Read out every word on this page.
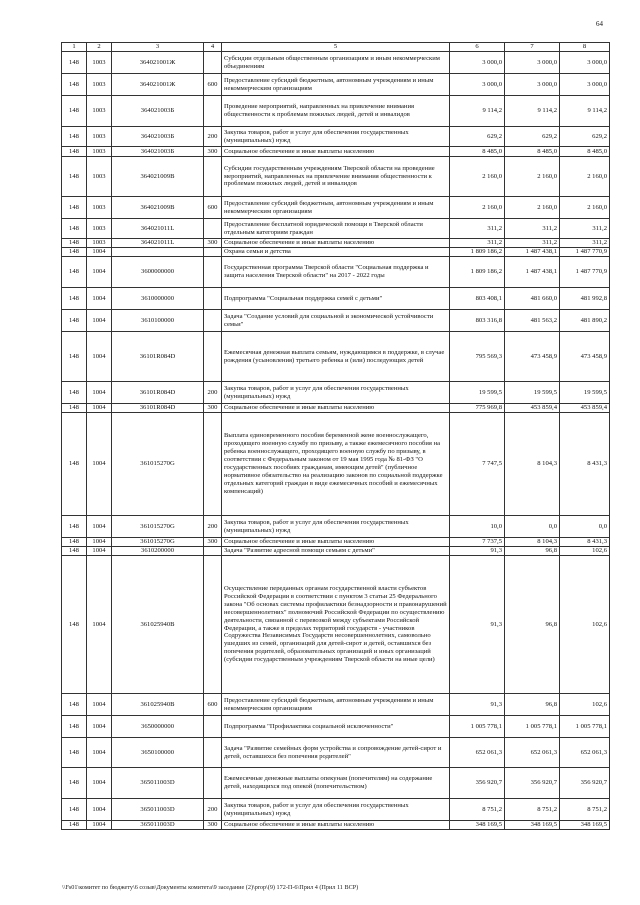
64
1	2	3	4	5	6	7	8
148	1003	364021001Ж		Субсидии отдельным общественным организациям и иным некоммерческим объединениям	3 000,0	3 000,0	3 000,0
148	1003	364021001Ж	600	Предоставление субсидий бюджетным, автономным учреждениям и иным некоммерческим организациям	3 000,0	3 000,0	3 000,0
148	1003	364021003Б		Проведение мероприятий, направленных на привлечение внимания общественности к проблемам пожилых людей, детей и инвалидов	9 114,2	9 114,2	9 114,2
148	1003	364021003Б	200	Закупка товаров, работ и услуг для обеспечения государственных (муниципальных) нужд	629,2	629,2	629,2
148	1003	364021003Б	300	Социальное обеспечение и иные выплаты населению	8 485,0	8 485,0	8 485,0
148	1003	364021009В		Субсидии государственным учреждениям Тверской области на проведение мероприятий, направленных на привлечение внимания общественности к проблемам пожилых людей, детей и инвалидов	2 160,0	2 160,0	2 160,0
148	1003	364021009В	600	Предоставление субсидий бюджетным, автономным учреждениям и иным некоммерческим организациям	2 160,0	2 160,0	2 160,0
148	1003	364021011L		Предоставление бесплатной юридической помощи в Тверской области отдельным категориям граждан	311,2	311,2	311,2
148	1003	364021011L	300	Социальное обеспечение и иные выплаты населению	311,2	311,2	311,2
148	1004			Охрана семьи и детства	1 809 186,2	1 487 438,1	1 487 770,9
148	1004	3600000000		Государственная программа Тверской области "Социальная поддержка и защита населения Тверской области" на 2017 - 2022 годы	1 809 186,2	1 487 438,1	1 487 770,9
148	1004	3610000000		Подпрограмма "Социальная поддержка семей с детьми"	803 408,1	481 660,0	481 992,8
148	1004	3610100000		Задача "Создание условий для социальной и экономической устойчивости семьи"	803 316,8	481 563,2	481 890,2
148	1004	36101R084D		Ежемесячная денежная выплата семьям, нуждающимся в поддержке, в случае рождения (усыновления) третьего ребенка и (или) последующих детей	795 569,3	473 458,9	473 458,9
148	1004	36101R084D	200	Закупка товаров, работ и услуг для обеспечения государственных (муниципальных) нужд	19 599,5	19 599,5	19 599,5
148	1004	36101R084D	300	Социальное обеспечение и иные выплаты населению	775 969,8	453 859,4	453 859,4
148	1004	361015270G		Выплата единовременного пособия беременной жене военнослужащего, проходящего военную службу по призыву, а также ежемесячного пособия на ребенка военнослужащего, проходящего военную службу по призыву, в соответствии с Федеральным законом от 19 мая 1995 года № 81-ФЗ "О государственных пособиях гражданам, имеющим детей" (публичное нормативное обязательство на реализацию законов по социальной поддержке отдельных категорий граждан в виде ежемесячных пособий и ежемесячных компенсаций)	7 747,5	8 104,3	8 431,3
148	1004	361015270G	200	Закупка товаров, работ и услуг для обеспечения государственных (муниципальных) нужд	10,0	0,0	0,0
148	1004	361015270G	300	Социальное обеспечение и иные выплаты населению	7 737,5	8 104,3	8 431,3
148	1004	3610200000		Задача "Развитие адресной помощи семьям с детьми"	91,3	96,8	102,6
148	1004	361025940В		Осуществление переданных органам государственной власти субъектов Российской Федерации в соответствии с пунктом 3 статьи 25 Федерального закона "Об основах системы профилактики безнадзорности и правонарушений несовершеннолетних" полномочий Российской Федерации по осуществлению деятельности, связанной с перевозкой между субъектами Российской Федерации, а также в пределах территорий государств - участников Содружества Независимых Государств несовершеннолетних, самовольно ушедших из семей, организаций для детей-сирот и детей, оставшихся без попечения родителей, образовательных организаций и иных организаций (субсидии государственным учреждениям Тверской области на иные цели)	91,3	96,8	102,6
148	1004	361025940В	600	Предоставление субсидий бюджетным, автономным учреждениям и иным некоммерческим организациям	91,3	96,8	102,6
148	1004	3650000000		Подпрограмма "Профилактика социальной исключенности"	1 005 778,1	1 005 778,1	1 005 778,1
148	1004	3650100000		Задача "Развитие семейных форм устройства и сопровождение детей-сирот и детей, оставшихся без попечения родителей"	652 061,3	652 061,3	652 061,3
148	1004	365011003D		Ежемесячные денежные выплаты опекунам (попечителям) на содержание детей, находящихся под опекой (попечительством)	356 920,7	356 920,7	356 920,7
148	1004	365011003D	200	Закупка товаров, работ и услуг для обеспечения государственных (муниципальных) нужд	8 751,2	8 751,2	8 751,2
148	1004	365011003D	300	Социальное обеспечение и иные выплаты населению	348 169,5	348 169,5	348 169,5
\\Fs01\комитет по бюджету\6 созыв\Документы комитета\9 заседание (2)\prop\(9) 172-П-6\Прил 4 (Прил 11 ВСР)
